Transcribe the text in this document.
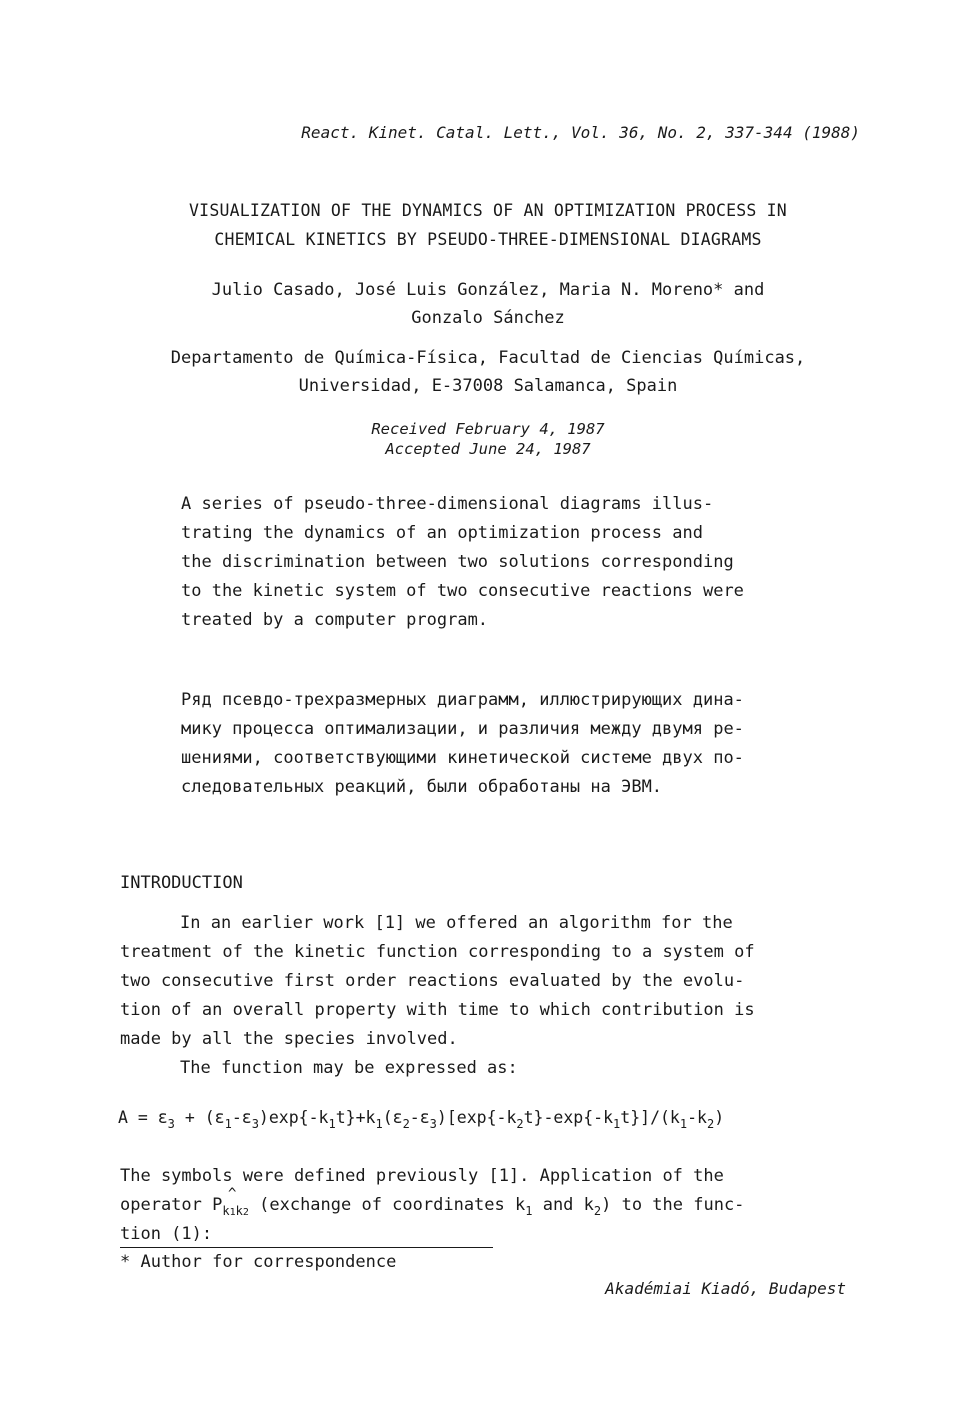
React. Kinet. Catal. Lett., Vol. 36, No. 2, 337-344 (1988)
VISUALIZATION OF THE DYNAMICS OF AN OPTIMIZATION PROCESS IN
CHEMICAL KINETICS BY PSEUDO-THREE-DIMENSIONAL DIAGRAMS
Julio Casado, José Luis González, Maria N. Moreno* and
Gonzalo Sánchez
Departamento de Química-Física, Facultad de Ciencias Químicas,
Universidad, E-37008 Salamanca, Spain
Received February 4, 1987
Accepted June 24, 1987
A series of pseudo-three-dimensional diagrams illus-
trating the dynamics of an optimization process and
the discrimination between two solutions corresponding
to the kinetic system of two consecutive reactions were
treated by a computer program.
Ряд псевдо-трехразмерных диаграмм, иллюстрирующих дина-
мику процесса оптимализации, и различия между двумя ре-
шениями, соответствующими кинетической системе двух по-
следовательных реакций, были обработаны на ЭВМ.
INTRODUCTION
In an earlier work [1] we offered an algorithm for the
treatment of the kinetic function corresponding to a system of
two consecutive first order reactions evaluated by the evolu-
tion of an overall property with time to which contribution is
made by all the species involved.
The function may be expressed as:
$A = \varepsilon_3 + (\varepsilon_1-\varepsilon_3)\exp\{-k_1t\}+k_1(\varepsilon_2-\varepsilon_3)[\exp\{-k_2t\}-\exp\{-k_1t\}]/(k_1-k_2)$
The symbols were defined previously [1]. Application of the
^
operator $P_{k1k2}$ (exchange of coordinates $k_1$ and $k_2$) to the func-
tion (1):
* Author for correspondence
Akadémiai Kiadó, Budapest
